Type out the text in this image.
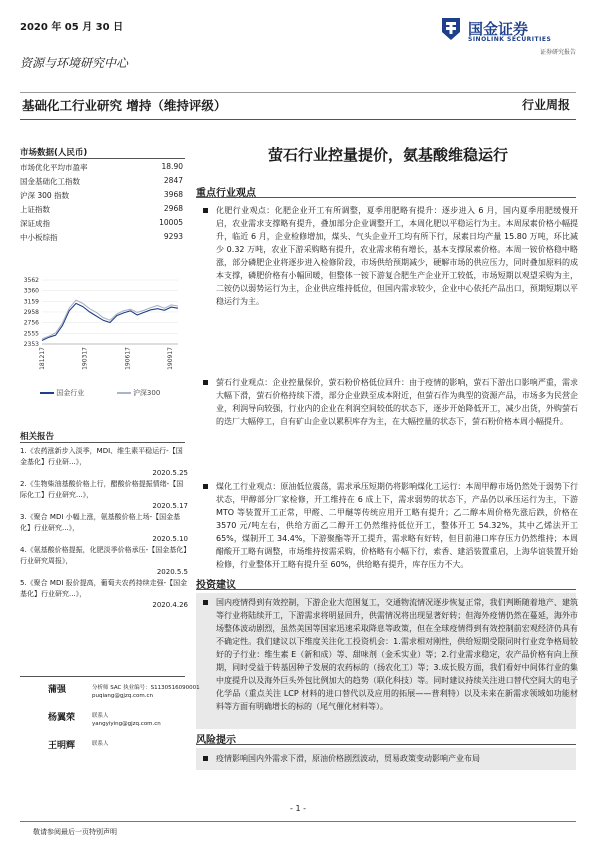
2020 年 05 月 30 日
资源与环境研究中心
国金证券
SINOLINK SECURITIES
证券研究报告
基础化工行业研究 增持（维持评级）	行业周报
萤石行业控量提价，氨基酸维稳运行
市场数据(人民币)
3562
3360
3159
2958
2756
2555
2353
181217	190317	190617	190917
国金行业	沪深300
相关报告
重点行业观点
化肥行业观点：化肥企业开工有所调整，夏季用肥略有提升：逐步进入 6 月，国内夏季用肥缓慢开启，农业需求支撑略有提升，叠加部分企业调整开工，本周化肥以平稳运行为主。本周尿素价格小幅提升，临近 6 月，企业检修增加，煤头、气头企业开工均有所下行，尿素日均产量 15.80 万吨，环比减少 0.32 万吨，农业下游采购略有提升，农业需求稍有增长，基本支撑尿素价格。本周一铵价格稳中略涨，部分磷肥企业将逐步进入检修阶段，市场供给预期减少，硬解市场的供应压力，同时叠加原料的成本支撑，磷肥价格有小幅回暖，但整体一铵下游复合肥生产企业开工较低，市场短期以观望采购为主，二铵仍以弱势运行为主，企业供应维持低位，但国内需求较少，企业中心依托产品出口，预期短期以平稳运行为主。
萤石行业观点：企业控量保价，萤石粉价格低位回升：由于疫情的影响，萤石下游出口影响严重，需求大幅下滑，萤石价格持续下滑，部分企业跌至成本附近，但萤石作为典型的资源产品，市场多为民营企业，利润导向较强，行业内的企业在利润空间较低的状态下，逐步开始降低开工，减少出货，外购萤石的迭厂大幅停工，自有矿山企业以累积库存为主，在大幅控量的状态下，萤石粉价格本周小幅提升。
煤化工行业观点：原油低位震荡，需求承压短期仍将影响煤化工运行：本周甲醇市场仍然处于弱势下行状态，甲醇部分厂家检修，开工维持在 6 成上下，需求弱势的状态下，产品仍以承压运行为主，下游 MTO 等装置开工正常，甲醛、二甲醚等传统应用开工略有提升；乙二醇本周价格先涨后跌，价格在 3570 元/吨左右，供给方面乙二醇开工仍然维持低位开工，整体开工 54.32%，其中乙烯法开工 65%，煤制开工 34.4%，下游聚酯等开工提升，需求略有好转，但目前港口库存压力仍然维持；本周醋酸开工略有调整，市场维持按需采购，价格略有小幅下行，索香、建滔装置重启，上海华谊装置开始检修，行业整体开工略有提升至 60%，供给略有提升，库存压力不大。
投资建议
国内疫情得到有效控制，下游企业大范围复工，交通物流情况逐步恢复正常，我们判断随着地产、建筑等行业将陆续开工，下游需求将明显回升，供需情况将出现显著好转；但海外疫情仍然在蔓延，海外市场整体波动剧烈，虽然美国等国家迅速采取降息等政策，但在全球疫情得到有效控制前宏观经济仍具有不确定性。我们建议以下维度关注化工投资机会：1.需求相对刚性，供给短期受限同时行业竞争格局较好的子行业：维生素 E（新和成）等、甜味剂（金禾实业）等；2.行业需求稳定，农产品价格有向上预期，同时受益于转基因种子发展的农药标的（扬农化工）等；3.成长股方面，我们看好中间体行业的集中度提升以及海外巨头外包比例加大的趋势（联化科技）等。同时建议持续关注进口替代空间大的电子化学品（重点关注 LCP 材料的进口替代以及应用的拓展——普利特）以及未来在新需求领域如功能材料等方面有明确增长的标的（尾气催化材料等）。
风险提示
疫情影响国内外需求下滑，原油价格剧烈波动，贸易政策变动影响产业布局
- 1 -
敬请参阅最后一页特别声明
市场优化平均市盈率	18.90
国金基础化工指数	2847
沪深 300 指数	3968
上证指数	2968
深证成指	10005
中小板综指	9293
1.《农药涨新步入淡季，MDI、维生素平稳运行-【国金基化】行业研...》，
2020.5.25
2.《生物柴油基酸价格上行，醋酸价格提振情绪-【国际化工】行业研究...》，
2020.5.17
3.《聚合 MDI 小幅上涨，氨基酸价格上场-【国金基化】行业研究...》，
2020.5.10
4.《氨基酸价格提振，化肥淡季价格承压-【国金基化】行业研究周报》，
2020.5.5
5.《聚合 MDI 报价提高，葡萄夫农药持续走强-【国金基化】行业研究...》，
2020.4.26
蒲强	分析师 SAC 执业编号：S1130516090001
puqiang@gjzq.com.cn
杨翼荣	联系人
yangyiying@gjzq.com.cn
王明辉	联系人
